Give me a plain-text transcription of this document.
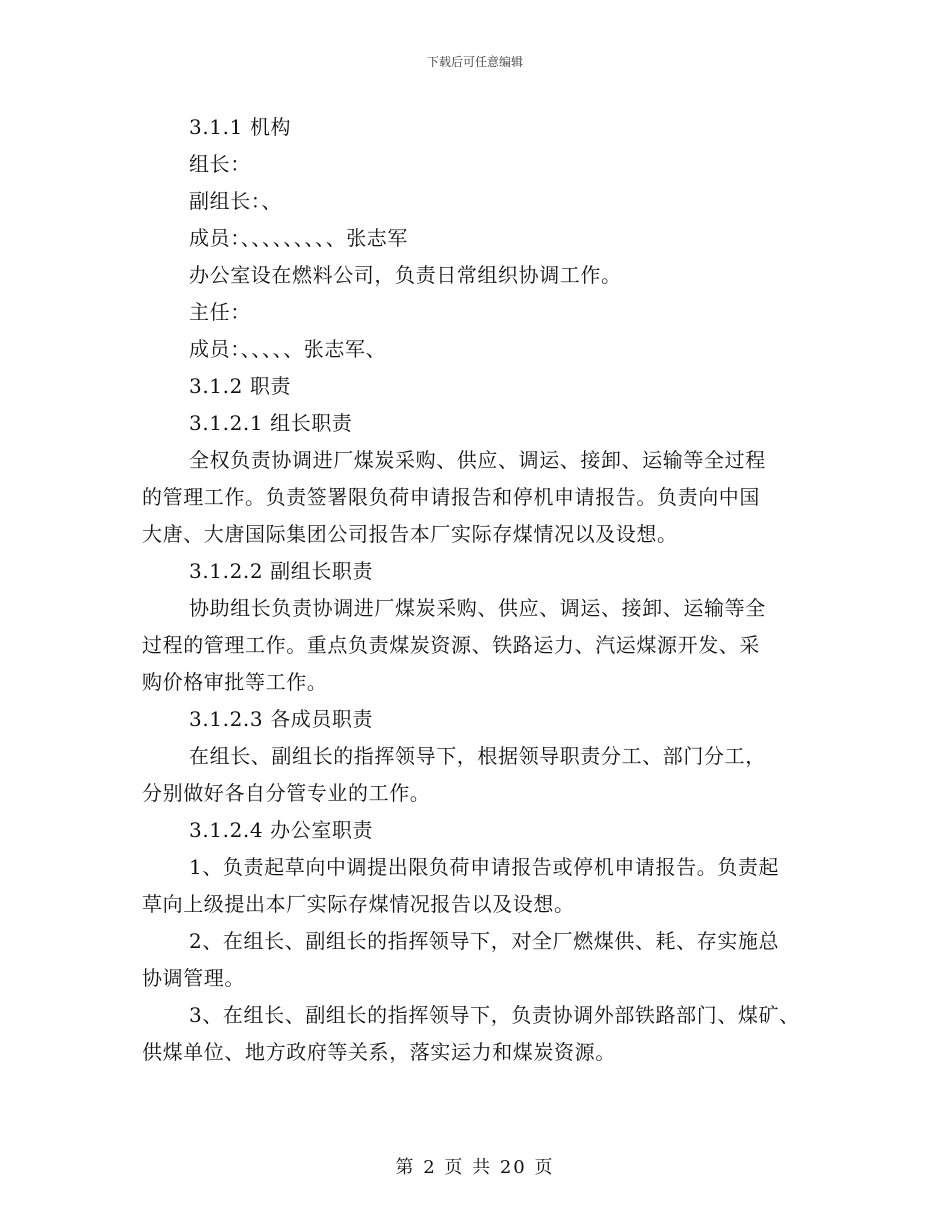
下载后可任意编辑
3.1.1 机构
组长：
副组长：、
成员：、、、、、、、、、张志军
办公室设在燃料公司，负责日常组织协调工作。
主任：
成员：、、、、、张志军、
3.1.2 职责
3.1.2.1 组长职责
全权负责协调进厂煤炭采购、供应、调运、接卸、运输等全过程
的管理工作。负责签署限负荷申请报告和停机申请报告。负责向中国
大唐、大唐国际集团公司报告本厂实际存煤情况以及设想。
3.1.2.2 副组长职责
协助组长负责协调进厂煤炭采购、供应、调运、接卸、运输等全
过程的管理工作。重点负责煤炭资源、铁路运力、汽运煤源开发、采
购价格审批等工作。
3.1.2.3 各成员职责
在组长、副组长的指挥领导下，根据领导职责分工、部门分工，
分别做好各自分管专业的工作。
3.1.2.4 办公室职责
1、负责起草向中调提出限负荷申请报告或停机申请报告。负责起
草向上级提出本厂实际存煤情况报告以及设想。
2、在组长、副组长的指挥领导下，对全厂燃煤供、耗、存实施总
协调管理。
3、在组长、副组长的指挥领导下，负责协调外部铁路部门、煤矿、
供煤单位、地方政府等关系，落实运力和煤炭资源。
第 2 页 共 20 页
